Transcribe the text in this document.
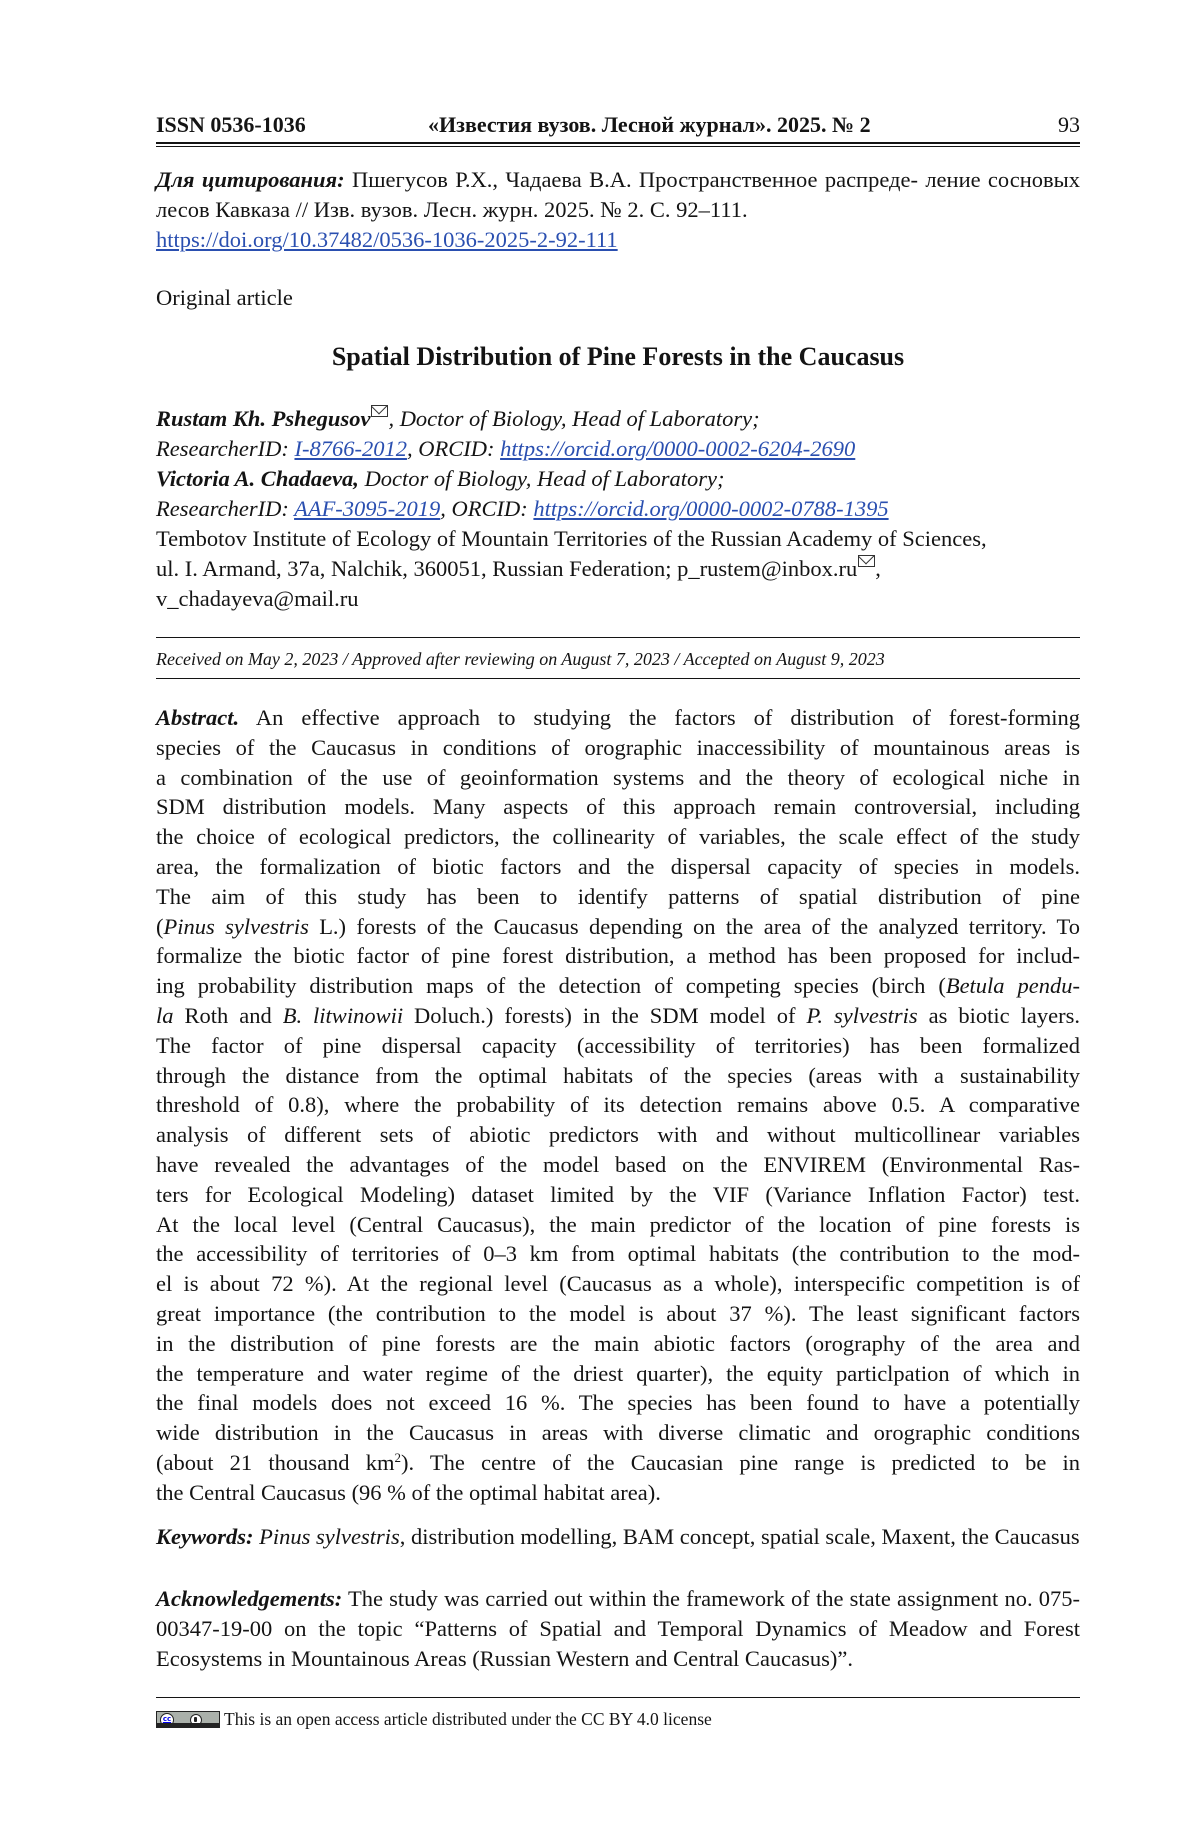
ISSN 0536-1036	«Известия вузов. Лесной журнал». 2025. № 2	93
Для цитирования: Пшегусов Р.Х., Чадаева В.А. Пространственное распреде- ление сосновых лесов Кавказа // Изв. вузов. Лесн. журн. 2025. № 2. С. 92–111.
https://doi.org/10.37482/0536-1036-2025-2-92-111
Original article
Spatial Distribution of Pine Forests in the Caucasus
Rustam Kh. Pshegusov , Doctor of Biology, Head of Laboratory;
ResearcherID: I-8766-2012, ORCID: https://orcid.org/0000-0002-6204-2690
Victoria A. Chadaeva, Doctor of Biology, Head of Laboratory;
ResearcherID: AAF-3095-2019, ORCID: https://orcid.org/0000-0002-0788-1395
Tembotov Institute of Ecology of Mountain Territories of the Russian Academy of Sciences,
ul. I. Armand, 37a, Nalchik, 360051, Russian Federation; p_rustem@inbox.ru ,
v_chadayeva@mail.ru
Received on May 2, 2023 / Approved after reviewing on August 7, 2023 / Accepted on August 9, 2023
Abstract. An effective approach to studying the factors of distribution of forest-forming
species of the Caucasus in conditions of orographic inaccessibility of mountainous areas is
a combination of the use of geoinformation systems and the theory of ecological niche in
SDM distribution models. Many aspects of this approach remain controversial, including
the choice of ecological predictors, the collinearity of variables, the scale effect of the study
area, the formalization of biotic factors and the dispersal capacity of species in models.
The aim of this study has been to identify patterns of spatial distribution of pine
(Pinus sylvestris L.) forests of the Caucasus depending on the area of the analyzed territory. To
formalize the biotic factor of pine forest distribution, a method has been proposed for includ-
ing probability distribution maps of the detection of competing species (birch (Betula pendu-
la Roth and B. litwinowii Doluch.) forests) in the SDM model of P. sylvestris as biotic layers.
The factor of pine dispersal capacity (accessibility of territories) has been formalized
through the distance from the optimal habitats of the species (areas with a sustainability
threshold of 0.8), where the probability of its detection remains above 0.5. A comparative
analysis of different sets of abiotic predictors with and without multicollinear variables
have revealed the advantages of the model based on the ENVIREM (Environmental Ras-
ters for Ecological Modeling) dataset limited by the VIF (Variance Inflation Factor) test.
At the local level (Central Caucasus), the main predictor of the location of pine forests is
the accessibility of territories of 0–3 km from optimal habitats (the contribution to the mod-
el is about 72 %). At the regional level (Caucasus as a whole), interspecific competition is of
great importance (the contribution to the model is about 37 %). The least significant factors
in the distribution of pine forests are the main abiotic factors (orography of the area and
the temperature and water regime of the driest quarter), the equity particlpation of which in
the final models does not exceed 16 %. The species has been found to have a potentially
wide distribution in the Caucasus in areas with diverse climatic and orographic conditions
(about 21 thousand $km^2$). The centre of the Caucasian pine range is predicted to be in
the Central Caucasus (96 % of the optimal habitat area).
Keywords: Pinus sylvestris, distribution modelling, BAM concept, spatial scale, Maxent, the Caucasus
Acknowledgements: The study was carried out within the framework of the state assignment no. 075-00347-19-00 on the topic “Patterns of Spatial and Temporal Dynamics of Meadow and Forest Ecosystems in Mountainous Areas (Russian Western and Central Caucasus)”.
cc	This is an open access article distributed under the CC BY 4.0 license
